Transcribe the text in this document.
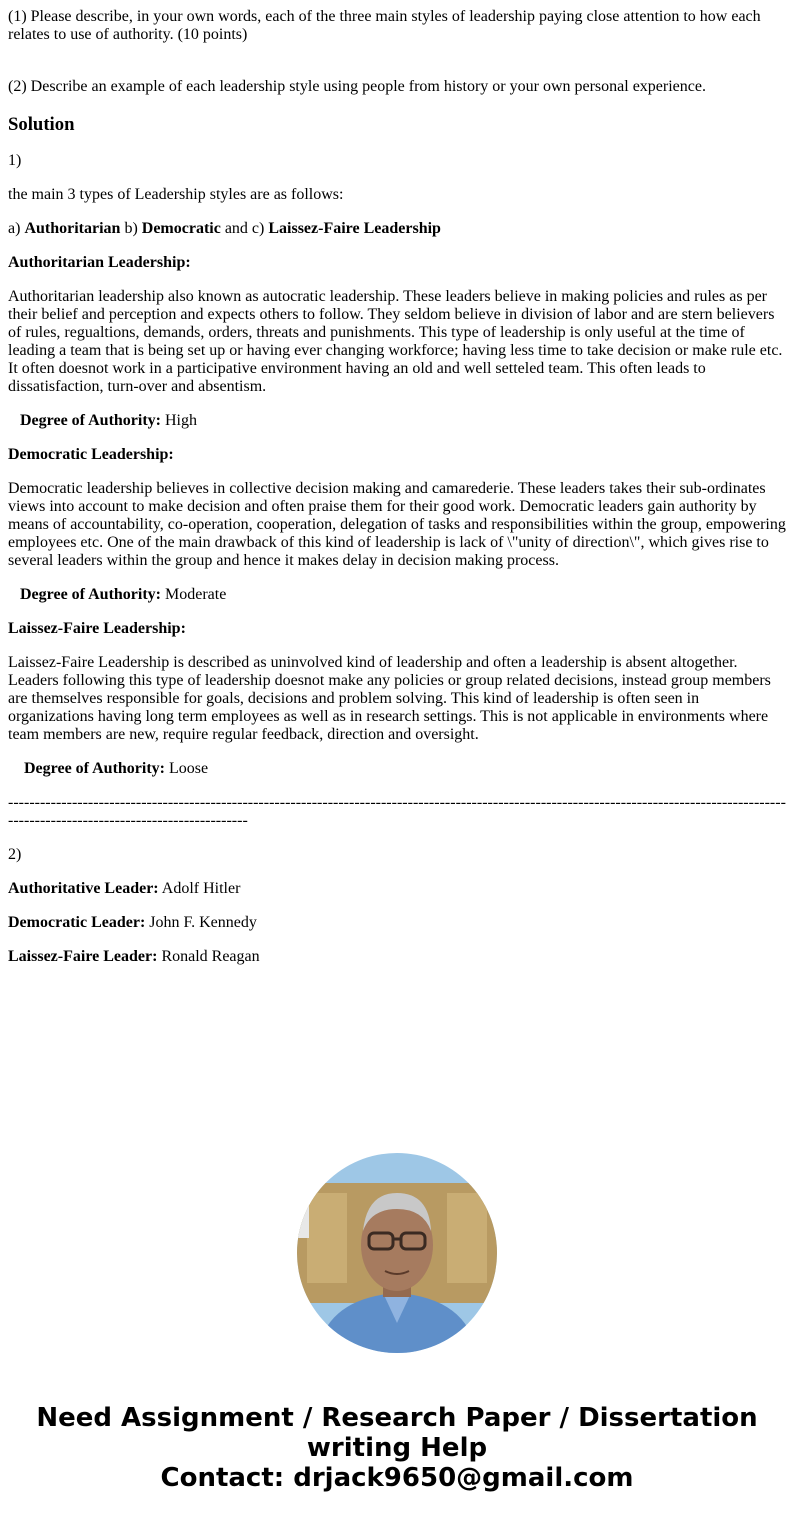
(1) Please describe, in your own words, each of the three main styles of leadership paying close attention to how each relates to use of authority. (10 points)

(2) Describe an example of each leadership style using people from history or your own personal experience.

Solution

1)

the main 3 types of Leadership styles are as follows:

a) Authoritarian b) Democratic and c) Laissez-Faire Leadership

Authoritarian Leadership:

Authoritarian leadership also known as autocratic leadership. These leaders believe in making policies and rules as per their belief and perception and expects others to follow. They seldom believe in division of labor and are stern believers of rules, regualtions, demands, orders, threats and punishments. This type of leadership is only useful at the time of leading a team that is being set up or having ever changing workforce; having less time to take decision or make rule etc. It often doesnot work in a participative environment having an old and well setteled team. This often leads to dissatisfaction, turn-over and absentism.

Degree of Authority: High

Democratic Leadership:

Democratic leadership believes in collective decision making and camarederie. These leaders takes their sub-ordinates views into account to make decision and often praise them for their good work. Democratic leaders gain authority by means of accountability, co-operation, cooperation, delegation of tasks and responsibilities within the group, empowering employees etc. One of the main drawback of this kind of leadership is lack of \"unity of direction\", which gives rise to several leaders within the group and hence it makes delay in decision making process.

Degree of Authority: Moderate

Laissez-Faire Leadership:

Laissez-Faire Leadership is described as uninvolved kind of leadership and often a leadership is absent altogether. Leaders following this type of leadership doesnot make any policies or group related decisions, instead group members are themselves responsible for goals, decisions and problem solving. This kind of leadership is often seen in organizations having long term employees as well as in research settings. This is not applicable in environments where team members are new, require regular feedback, direction and oversight.

Degree of Authority: Loose

-----------------------------------------------------------------------------------------------------------------------------------------------------------------------------------------------

2)

Authoritative Leader: Adolf Hitler

Democratic Leader: John F. Kennedy

Laissez-Faire Leader: Ronald Reagan

Need Assignment / Research Paper / Dissertation
writing Help
Contact: drjack9650@gmail.com
